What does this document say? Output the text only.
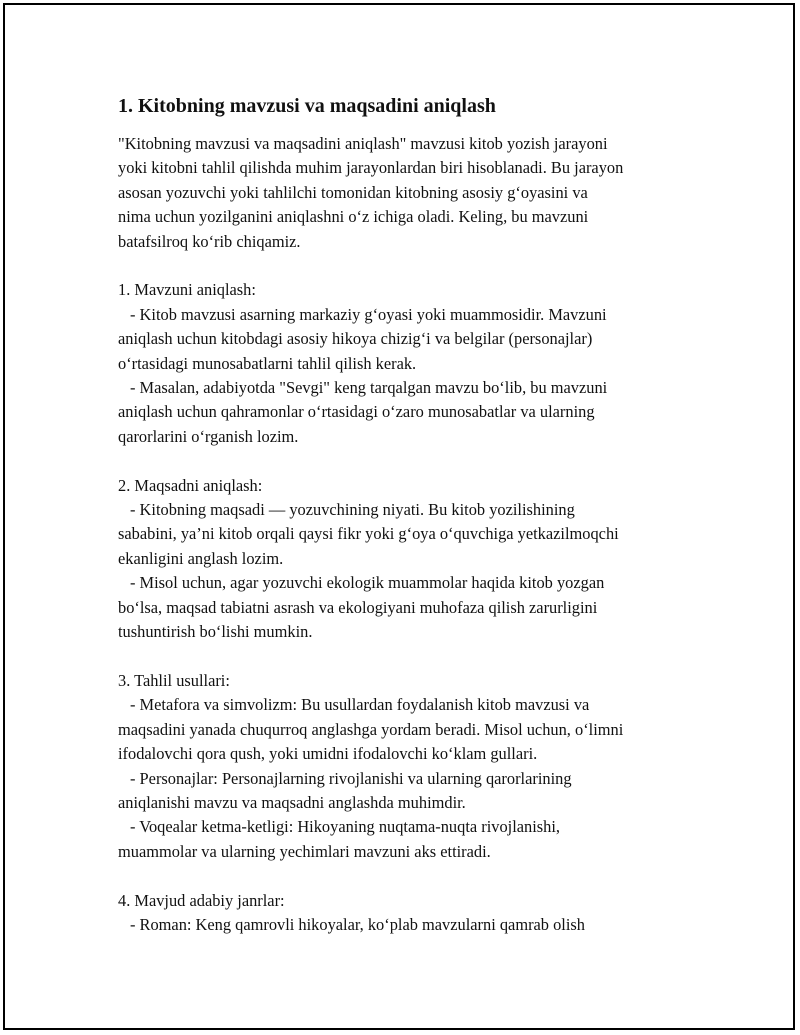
1. Kitobning mavzusi va maqsadini aniqlash

"Kitobning mavzusi va maqsadini aniqlash" mavzusi kitob yozish jarayoni

yoki kitobni tahlil qilishda muhim jarayonlardan biri hisoblanadi. Bu jarayon

asosan yozuvchi yoki tahlilchi tomonidan kitobning asosiy g‘oyasini va

nima uchun yozilganini aniqlashni o‘z ichiga oladi. Keling, bu mavzuni

batafsilroq ko‘rib chiqamiz.

1. Mavzuni aniqlash:

- Kitob mavzusi asarning markaziy g‘oyasi yoki muammosidir. Mavzuni

aniqlash uchun kitobdagi asosiy hikoya chizig‘i va belgilar (personajlar)

o‘rtasidagi munosabatlarni tahlil qilish kerak.

- Masalan, adabiyotda "Sevgi" keng tarqalgan mavzu bo‘lib, bu mavzuni

aniqlash uchun qahramonlar o‘rtasidagi o‘zaro munosabatlar va ularning

qarorlarini o‘rganish lozim.

2. Maqsadni aniqlash:

- Kitobning maqsadi — yozuvchining niyati. Bu kitob yozilishining

sababini, ya’ni kitob orqali qaysi fikr yoki g‘oya o‘quvchiga yetkazilmoqchi

ekanligini anglash lozim.

- Misol uchun, agar yozuvchi ekologik muammolar haqida kitob yozgan

bo‘lsa, maqsad tabiatni asrash va ekologiyani muhofaza qilish zarurligini

tushuntirish bo‘lishi mumkin.

3. Tahlil usullari:

- Metafora va simvolizm: Bu usullardan foydalanish kitob mavzusi va

maqsadini yanada chuqurroq anglashga yordam beradi. Misol uchun, o‘limni

ifodalovchi qora qush, yoki umidni ifodalovchi ko‘klam gullari.

- Personajlar: Personajlarning rivojlanishi va ularning qarorlarining

aniqlanishi mavzu va maqsadni anglashda muhimdir.

- Voqealar ketma-ketligi: Hikoyaning nuqtama-nuqta rivojlanishi,

muammolar va ularning yechimlari mavzuni aks ettiradi.

4. Mavjud adabiy janrlar:

- Roman: Keng qamrovli hikoyalar, ko‘plab mavzularni qamrab olish
